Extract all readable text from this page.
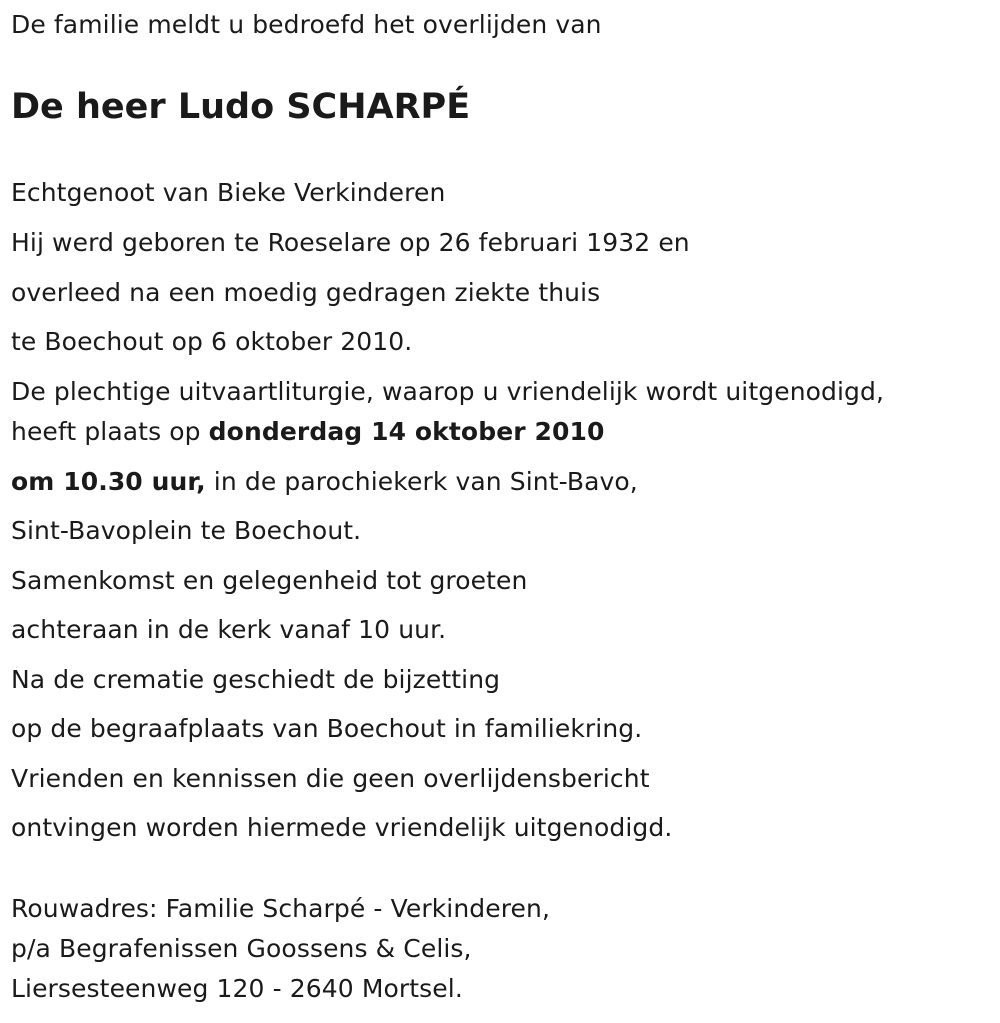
De familie meldt u bedroefd het overlijden van
De heer Ludo SCHARPÉ
Echtgenoot van Bieke Verkinderen
Hij werd geboren te Roeselare op 26 februari 1932 en
overleed na een moedig gedragen ziekte thuis
te Boechout op 6 oktober 2010.
De plechtige uitvaartliturgie, waarop u vriendelijk wordt uitgenodigd,
heeft plaats op donderdag 14 oktober 2010
om 10.30 uur, in de parochiekerk van Sint-Bavo,
Sint-Bavoplein te Boechout.
Samenkomst en gelegenheid tot groeten
achteraan in de kerk vanaf 10 uur.
Na de crematie geschiedt de bijzetting
op de begraafplaats van Boechout in familiekring.
Vrienden en kennissen die geen overlijdensbericht
ontvingen worden hiermede vriendelijk uitgenodigd.
Rouwadres: Familie Scharpé - Verkinderen,
p/a Begrafenissen Goossens & Celis,
Liersesteenweg 120 - 2640 Mortsel.
